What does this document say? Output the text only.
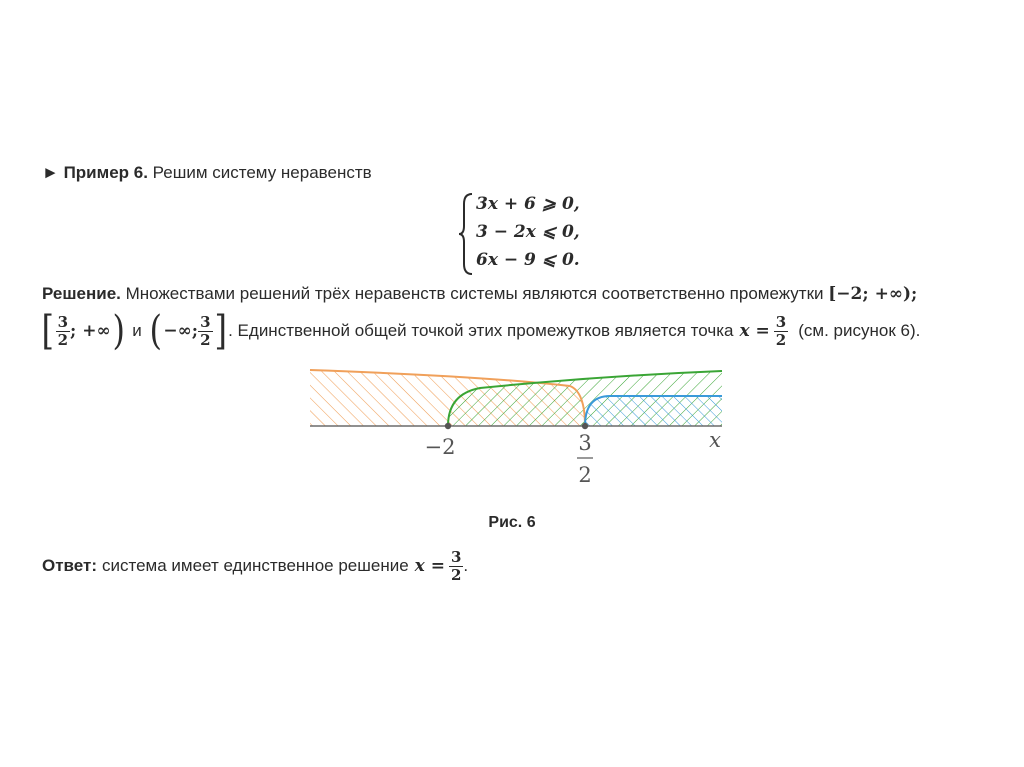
► Пример 6. Решим систему неравенств
3x + 6 ⩾ 0,
3 − 2x ⩽ 0,
6x − 9 ⩽ 0.
Решение. Множествами решений трёх неравенств системы являются соответственно промежутки [−2; +∞);
[ $\frac{3}{2}$ ; +∞ ) и ( −∞; $\frac{3}{2}$ ] . Единственной общей точкой этих промежутков является точка $x = \frac{3}{2} (см$. рисунок 6).
−2	3
2
x
Рис. 6
Ответ: система имеет единственное решение $x = \frac{3}{2}$ .
